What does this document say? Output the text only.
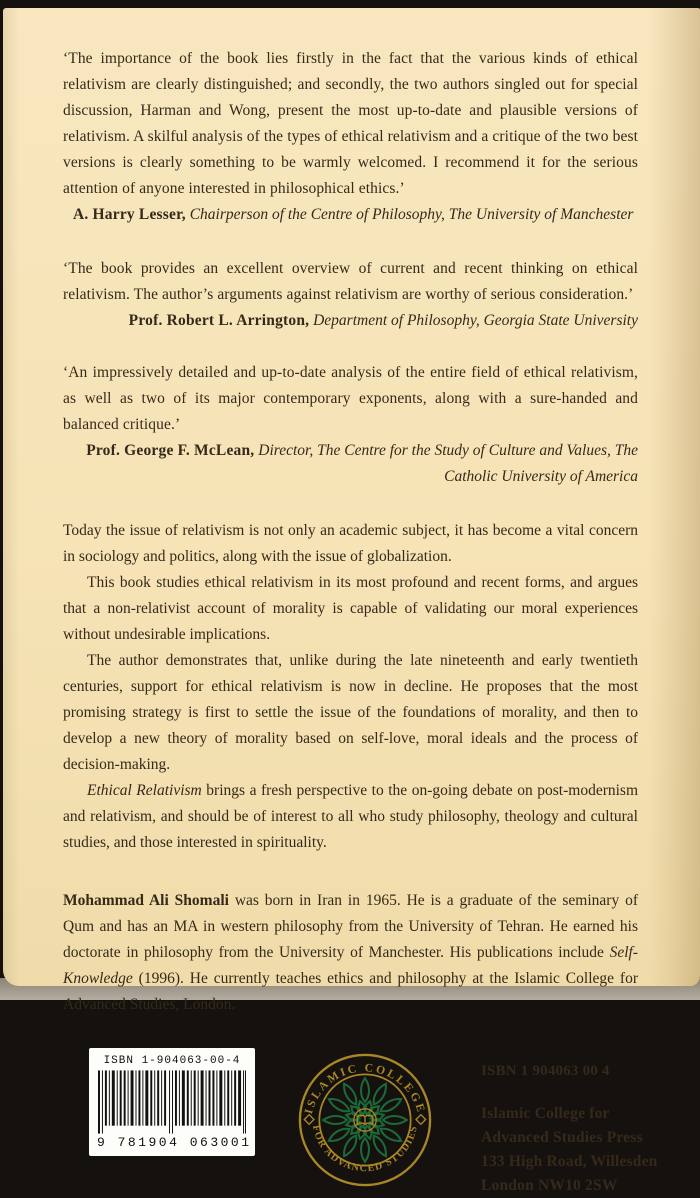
‘The importance of the book lies firstly in the fact that the various kinds of ethical relativism are clearly distinguished; and secondly, the two authors singled out for special discussion, Harman and Wong, present the most up-to-date and plausible versions of relativism. A skilful analysis of the types of ethical relativism and a critique of the two best versions is clearly something to be warmly welcomed. I recommend it for the serious attention of anyone interested in philosophical ethics.’

A. Harry Lesser, Chairperson of the Centre of Philosophy, The University of Manchester

‘The book provides an excellent overview of current and recent thinking on ethical relativism. The author’s arguments against relativism are worthy of serious consideration.’

Prof. Robert L. Arrington, Department of Philosophy, Georgia State University

‘An impressively detailed and up-to-date analysis of the entire field of ethical relativism, as well as two of its major contemporary exponents, along with a sure-handed and balanced critique.’

Prof. George F. McLean, Director, The Centre for the Study of Culture and Values, The Catholic University of America

Today the issue of relativism is not only an academic subject, it has become a vital concern in sociology and politics, along with the issue of globalization.

This book studies ethical relativism in its most profound and recent forms, and argues that a non-relativist account of morality is capable of validating our moral experiences without undesirable implications.

The author demonstrates that, unlike during the late nineteenth and early twentieth centuries, support for ethical relativism is now in decline. He proposes that the most promising strategy is first to settle the issue of the foundations of morality, and then to develop a new theory of morality based on self-love, moral ideals and the process of decision-making.

Ethical Relativism brings a fresh perspective to the on-going debate on post-modernism and relativism, and should be of interest to all who study philosophy, theology and cultural studies, and those interested in spirituality.

Mohammad Ali Shomali was born in Iran in 1965. He is a graduate of the seminary of Qum and has an MA in western philosophy from the University of Tehran. He earned his doctorate in philosophy from the University of Manchester. His publications include Self-Knowledge (1996). He currently teaches ethics and philosophy at the Islamic College for Advanced Studies, London.

ISBN 1-904063-00-4
9 781904 063001 >
ISLAMIC COLLEGE
FOR ADVANCED STUDIES
ISBN 1 904063 00 4
Islamic College for
Advanced Studies Press
133 High Road, Willesden
London NW10 2SW
